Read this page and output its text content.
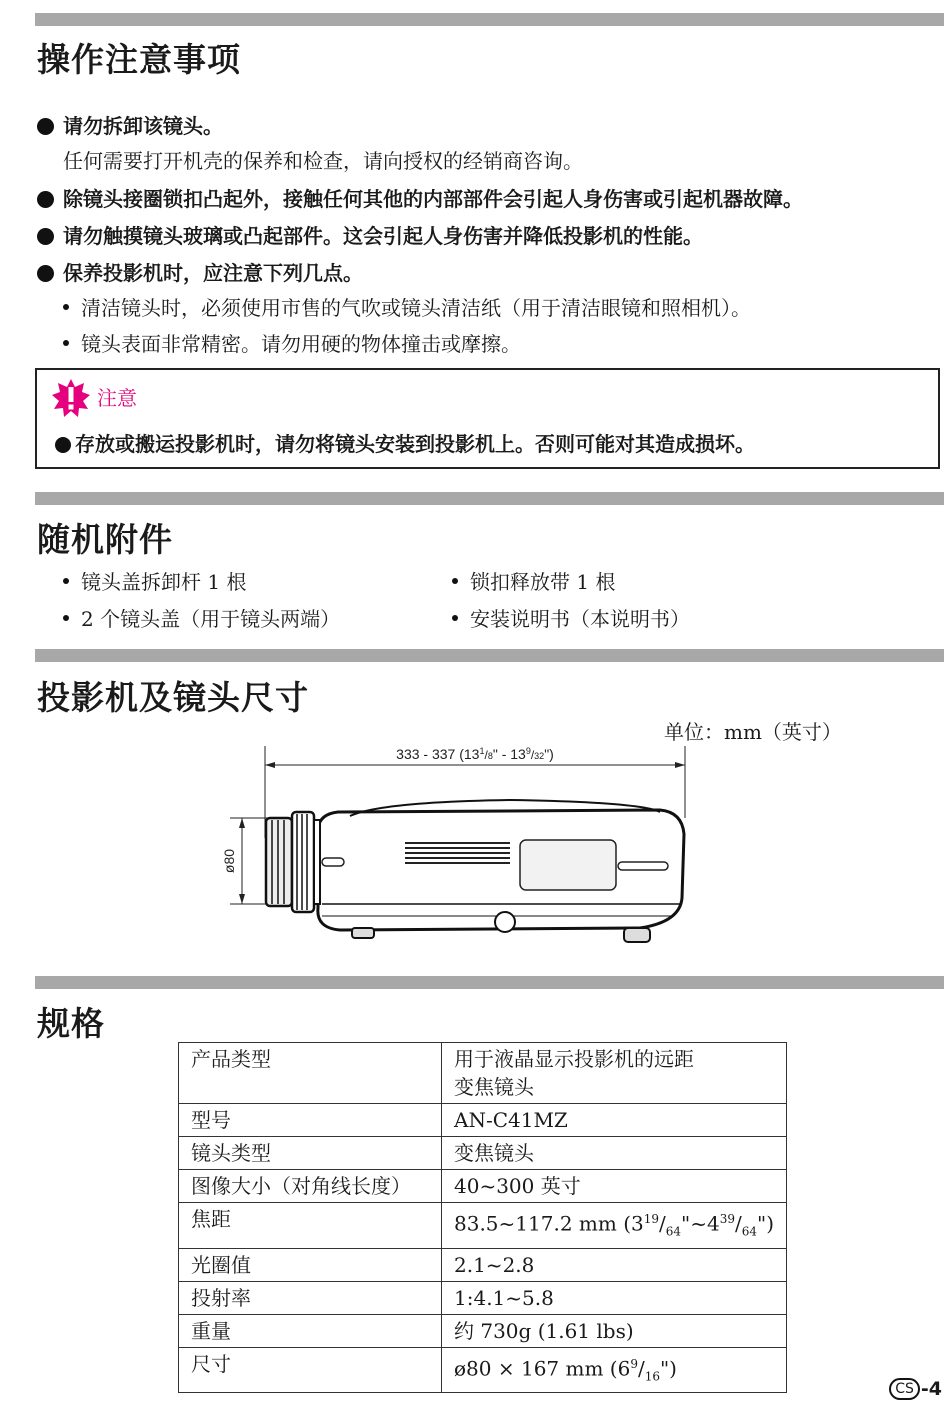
操作注意事项
请勿拆卸该镜头。
任何需要打开机壳的保养和检查，请向授权的经销商咨询。
除镜头接圈锁扣凸起外，接触任何其他的内部部件会引起人身伤害或引起机器故障。
请勿触摸镜头玻璃或凸起部件。这会引起人身伤害并降低投影机的性能。
保养投影机时，应注意下列几点。
清洁镜头时，必须使用市售的气吹或镜头清洁纸（用于清洁眼镜和照相机）。
镜头表面非常精密。请勿用硬的物体撞击或摩擦。
注意
存放或搬运投影机时，请勿将镜头安装到投影机上。否则可能对其造成损坏。
随机附件
镜头盖拆卸杆 1 根	锁扣释放带 1 根
2 个镜头盖（用于镜头两端）	安装说明书（本说明书）
投影机及镜头尺寸
单位：mm（英寸）
333 - 337 ($13^1/8$" - $13^9/32$")
ø80
规格
产品类型	用于液晶显示投影机的远距
变焦镜头
型号	AN-C41MZ
镜头类型	变焦镜头
图像大小（对角线长度）	40~300 英寸
焦距	83.5~117.2 mm $(3^{19}/_{64}"\sim 4^{39}/_{64}")$
光圈值	2.1~2.8
投射率	1:4.1~5.8
重量	约 730g (1.61 lbs)
尺寸	ø80 × 167 mm $(6^9/_{16}")$
CS -4
